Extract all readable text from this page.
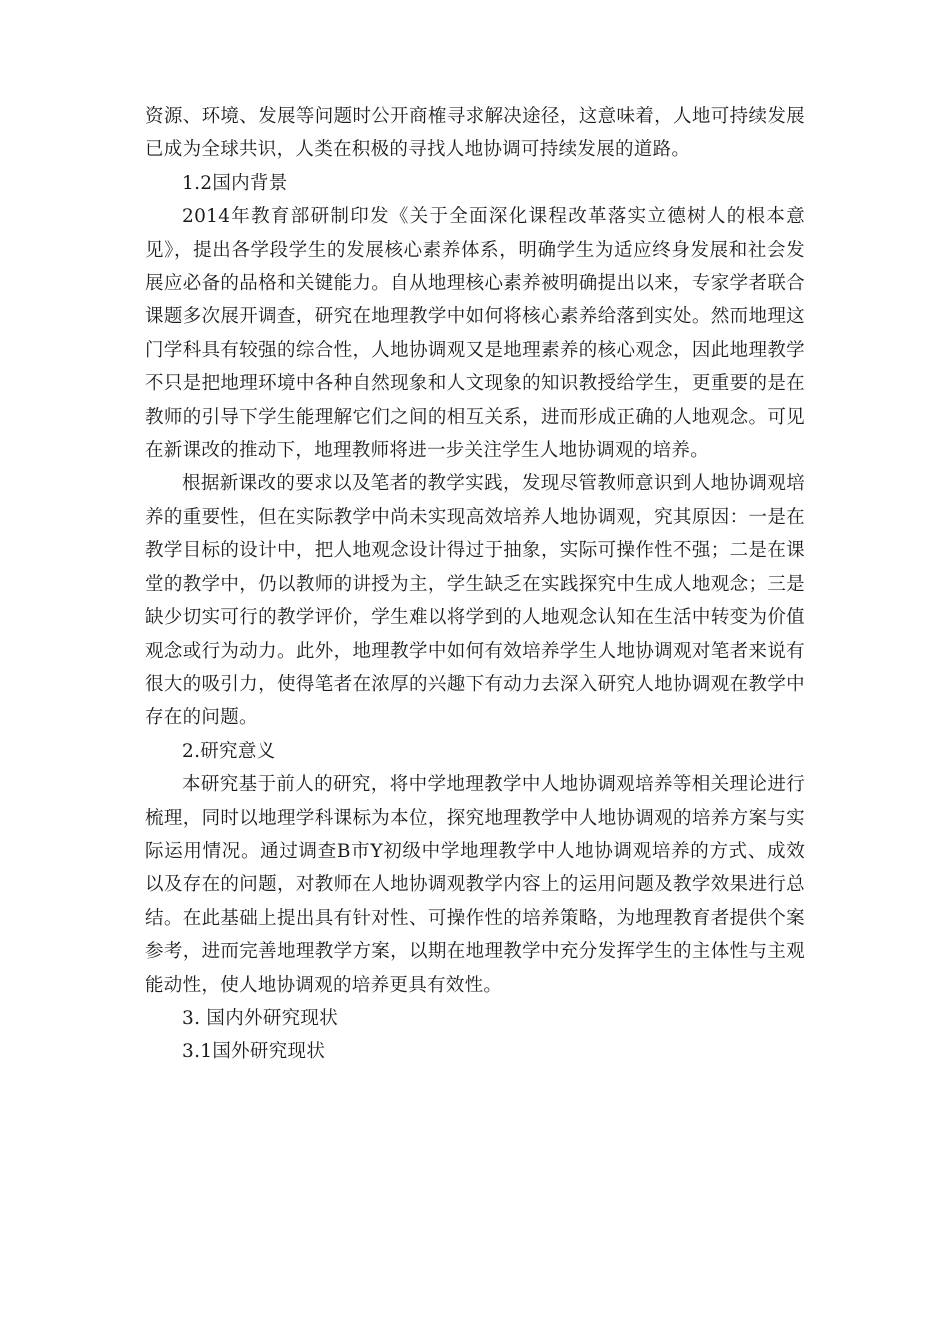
资源、环境、发展等问题时公开商榷寻求解决途径，这意味着，人地可持续发展已成为全球共识，人类在积极的寻找人地协调可持续发展的道路。

1.2国内背景

2014年教育部研制印发《关于全面深化课程改革落实立德树人的根本意见》，提出各学段学生的发展核心素养体系，明确学生为适应终身发展和社会发展应必备的品格和关键能力。自从地理核心素养被明确提出以来，专家学者联合课题多次展开调查，研究在地理教学中如何将核心素养给落到实处。然而地理这门学科具有较强的综合性，人地协调观又是地理素养的核心观念，因此地理教学不只是把地理环境中各种自然现象和人文现象的知识教授给学生，更重要的是在教师的引导下学生能理解它们之间的相互关系，进而形成正确的人地观念。可见在新课改的推动下，地理教师将进一步关注学生人地协调观的培养。

根据新课改的要求以及笔者的教学实践，发现尽管教师意识到人地协调观培养的重要性，但在实际教学中尚未实现高效培养人地协调观，究其原因：一是在教学目标的设计中，把人地观念设计得过于抽象，实际可操作性不强；二是在课堂的教学中，仍以教师的讲授为主，学生缺乏在实践探究中生成人地观念；三是缺少切实可行的教学评价，学生难以将学到的人地观念认知在生活中转变为价值观念或行为动力。此外，地理教学中如何有效培养学生人地协调观对笔者来说有很大的吸引力，使得笔者在浓厚的兴趣下有动力去深入研究人地协调观在教学中存在的问题。

2.研究意义

本研究基于前人的研究，将中学地理教学中人地协调观培养等相关理论进行梳理，同时以地理学科课标为本位，探究地理教学中人地协调观的培养方案与实际运用情况。通过调查B市Y初级中学地理教学中人地协调观培养的方式、成效以及存在的问题，对教师在人地协调观教学内容上的运用问题及教学效果进行总结。在此基础上提出具有针对性、可操作性的培养策略，为地理教育者提供个案参考，进而完善地理教学方案，以期在地理教学中充分发挥学生的主体性与主观能动性，使人地协调观的培养更具有效性。

3. 国内外研究现状

3.1国外研究现状
